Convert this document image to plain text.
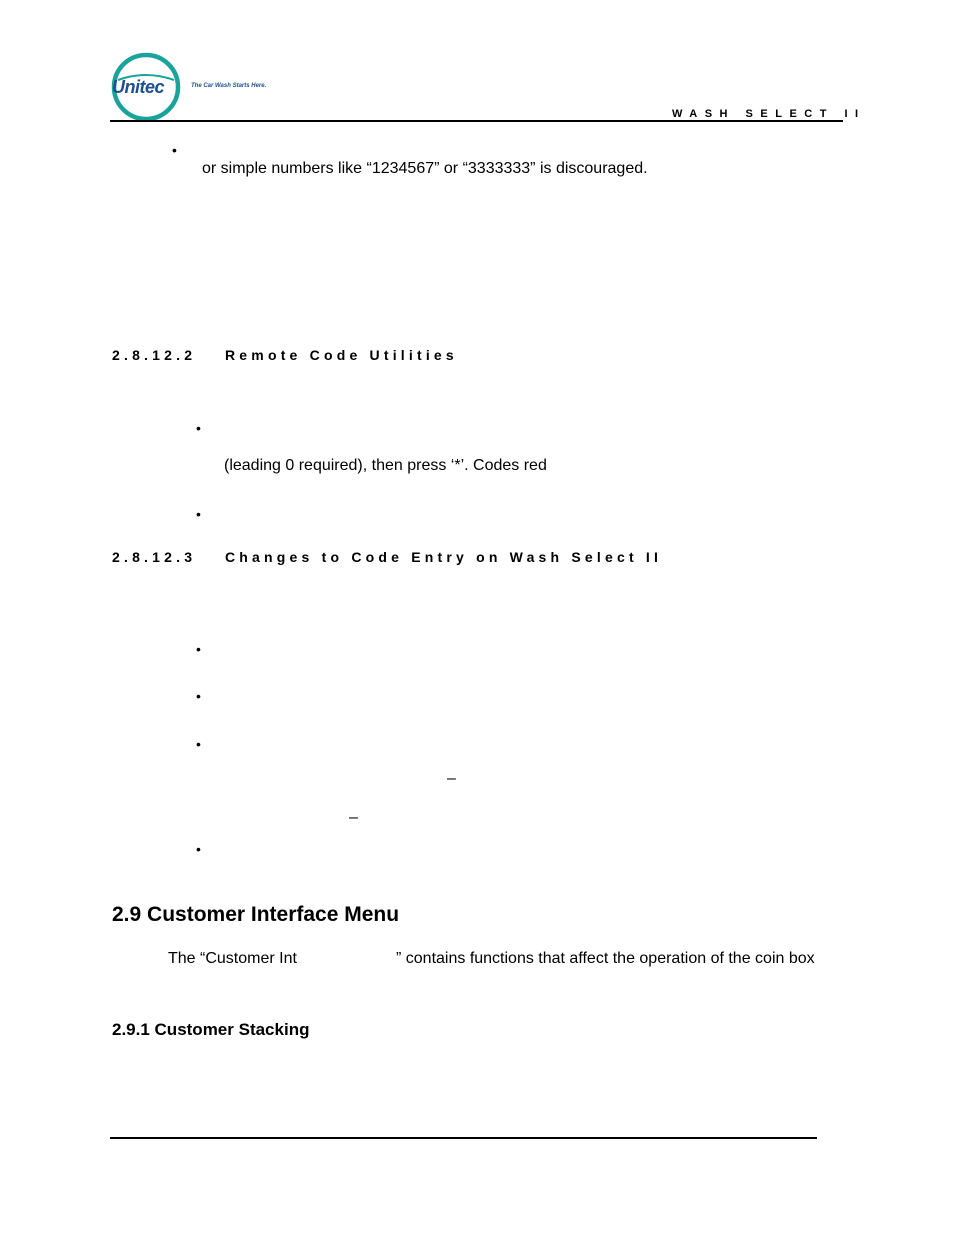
Unitec	The Car Wash Starts Here.
WASH SELECT II
•
or simple numbers like “1234567” or “3333333” is discouraged.
2.8.12.2 Remote Code Utilities
•
(leading 0 required), then press ‘*’. Codes red
•
2.8.12.3 Changes to Code Entry on Wash Select II
•
•
•
–
–
•
2.9 Customer Interface Menu
The “Customer Int	” contains functions that affect the operation of the coin box
2.9.1 Customer Stacking
